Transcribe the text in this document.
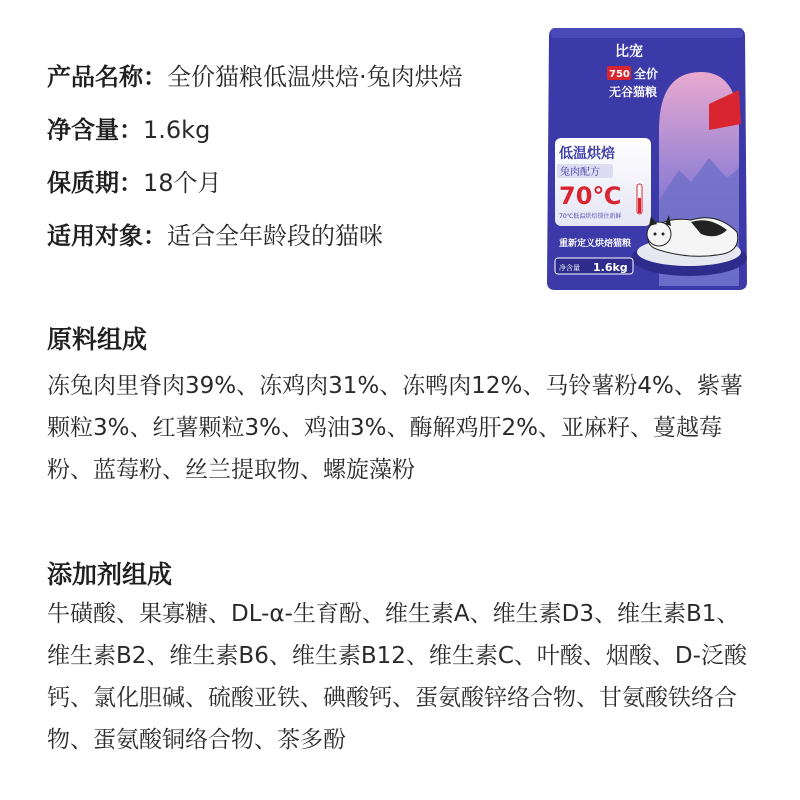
产品名称：全价猫粮低温烘焙·兔肉烘焙
净含量：1.6kg
保质期：18个月
适用对象：适合全年龄段的猫咪
比宠
750 全价
无谷猫粮
低温烘焙
兔肉配方
70℃
70℃低温烘焙锁住新鲜
重新定义烘焙猫粮
净含量 1.6kg
原料组成
冻兔肉里脊肉39%、冻鸡肉31%、冻鸭肉12%、马铃薯粉4%、紫薯颗粒3%、红薯颗粒3%、鸡油3%、酶解鸡肝2%、亚麻籽、蔓越莓粉、蓝莓粉、丝兰提取物、螺旋藻粉
添加剂组成
牛磺酸、果寡糖、DL-α-生育酚、维生素A、维生素D3、维生素B1、维生素B2、维生素B6、维生素B12、维生素C、叶酸、烟酸、D-泛酸钙、氯化胆碱、硫酸亚铁、碘酸钙、蛋氨酸锌络合物、甘氨酸铁络合物、蛋氨酸铜络合物、茶多酚
